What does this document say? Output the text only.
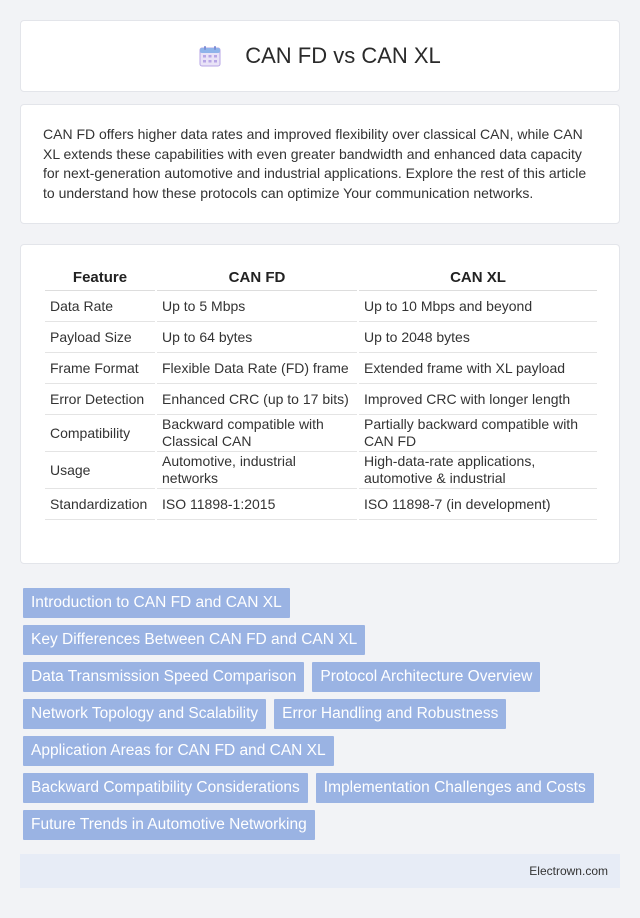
CAN FD vs CAN XL

CAN FD offers higher data rates and improved flexibility over classical CAN, while CAN XL extends these capabilities with even greater bandwidth and enhanced data capacity for next-generation automotive and industrial applications. Explore the rest of this article to understand how these protocols can optimize Your communication networks.

Feature	CAN FD	CAN XL
Data Rate	Up to 5 Mbps	Up to 10 Mbps and beyond
Payload Size	Up to 64 bytes	Up to 2048 bytes
Frame Format	Flexible Data Rate (FD) frame	Extended frame with XL payload
Error Detection	Enhanced CRC (up to 17 bits)	Improved CRC with longer length
Compatibility	Backward compatible with Classical CAN	Partially backward compatible with CAN FD
Usage	Automotive, industrial networks	High-data-rate applications, automotive & industrial
Standardization	ISO 11898-1:2015	ISO 11898-7 (in development)
Introduction to CAN FD and CAN XL
Key Differences Between CAN FD and CAN XL
Data Transmission Speed Comparison	Protocol Architecture Overview
Network Topology and Scalability	Error Handling and Robustness
Application Areas for CAN FD and CAN XL
Backward Compatibility Considerations	Implementation Challenges and Costs
Future Trends in Automotive Networking
Electrown.com
